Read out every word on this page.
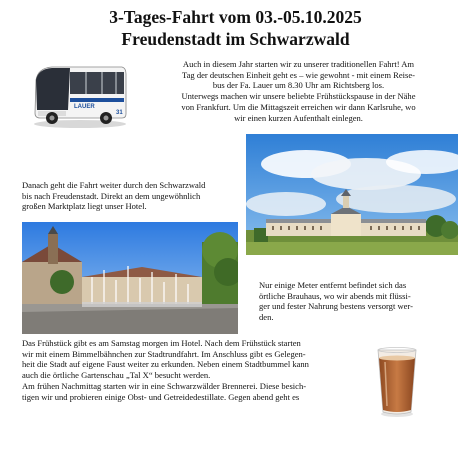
3-Tages-Fahrt vom 03.-05.10.2025
Freudenstadt im Schwarzwald
LAUER
31

Auch in diesem Jahr starten wir zu unserer traditionellen Fahrt! Am
Tag der deutschen Einheit geht es – wie gewohnt - mit einem Reise-
bus der Fa. Lauer um 8.30 Uhr am Richtsberg los.
Unterwegs machen wir unsere beliebte Frühstückspause in der Nähe
von Frankfurt. Um die Mittagszeit erreichen wir dann Karlsruhe, wo
wir einen kurzen Aufenthalt einlegen.

Danach geht die Fahrt weiter durch den Schwarzwald
bis nach Freudenstadt. Direkt an dem ungewöhnlich
großen Marktplatz liegt unser Hotel.

Nur einige Meter entfernt befindet sich das
örtliche Brauhaus, wo wir abends mit flüssi-
ger und fester Nahrung bestens versorgt wer-
den.

Das Frühstück gibt es am Samstag morgen im Hotel. Nach dem Frühstück starten
wir mit einem Bimmelbähnchen zur Stadtrundfahrt. Im Anschluss gibt es Gelegen-
heit die Stadt auf eigene Faust weiter zu erkunden. Neben einem Stadtbummel kann
auch die örtliche Gartenschau „Tal X“ besucht werden.
Am frühen Nachmittag starten wir in eine Schwarzwälder Brennerei. Diese besich-
tigen wir und probieren einige Obst- und Getreidedestillate. Gegen abend geht es
